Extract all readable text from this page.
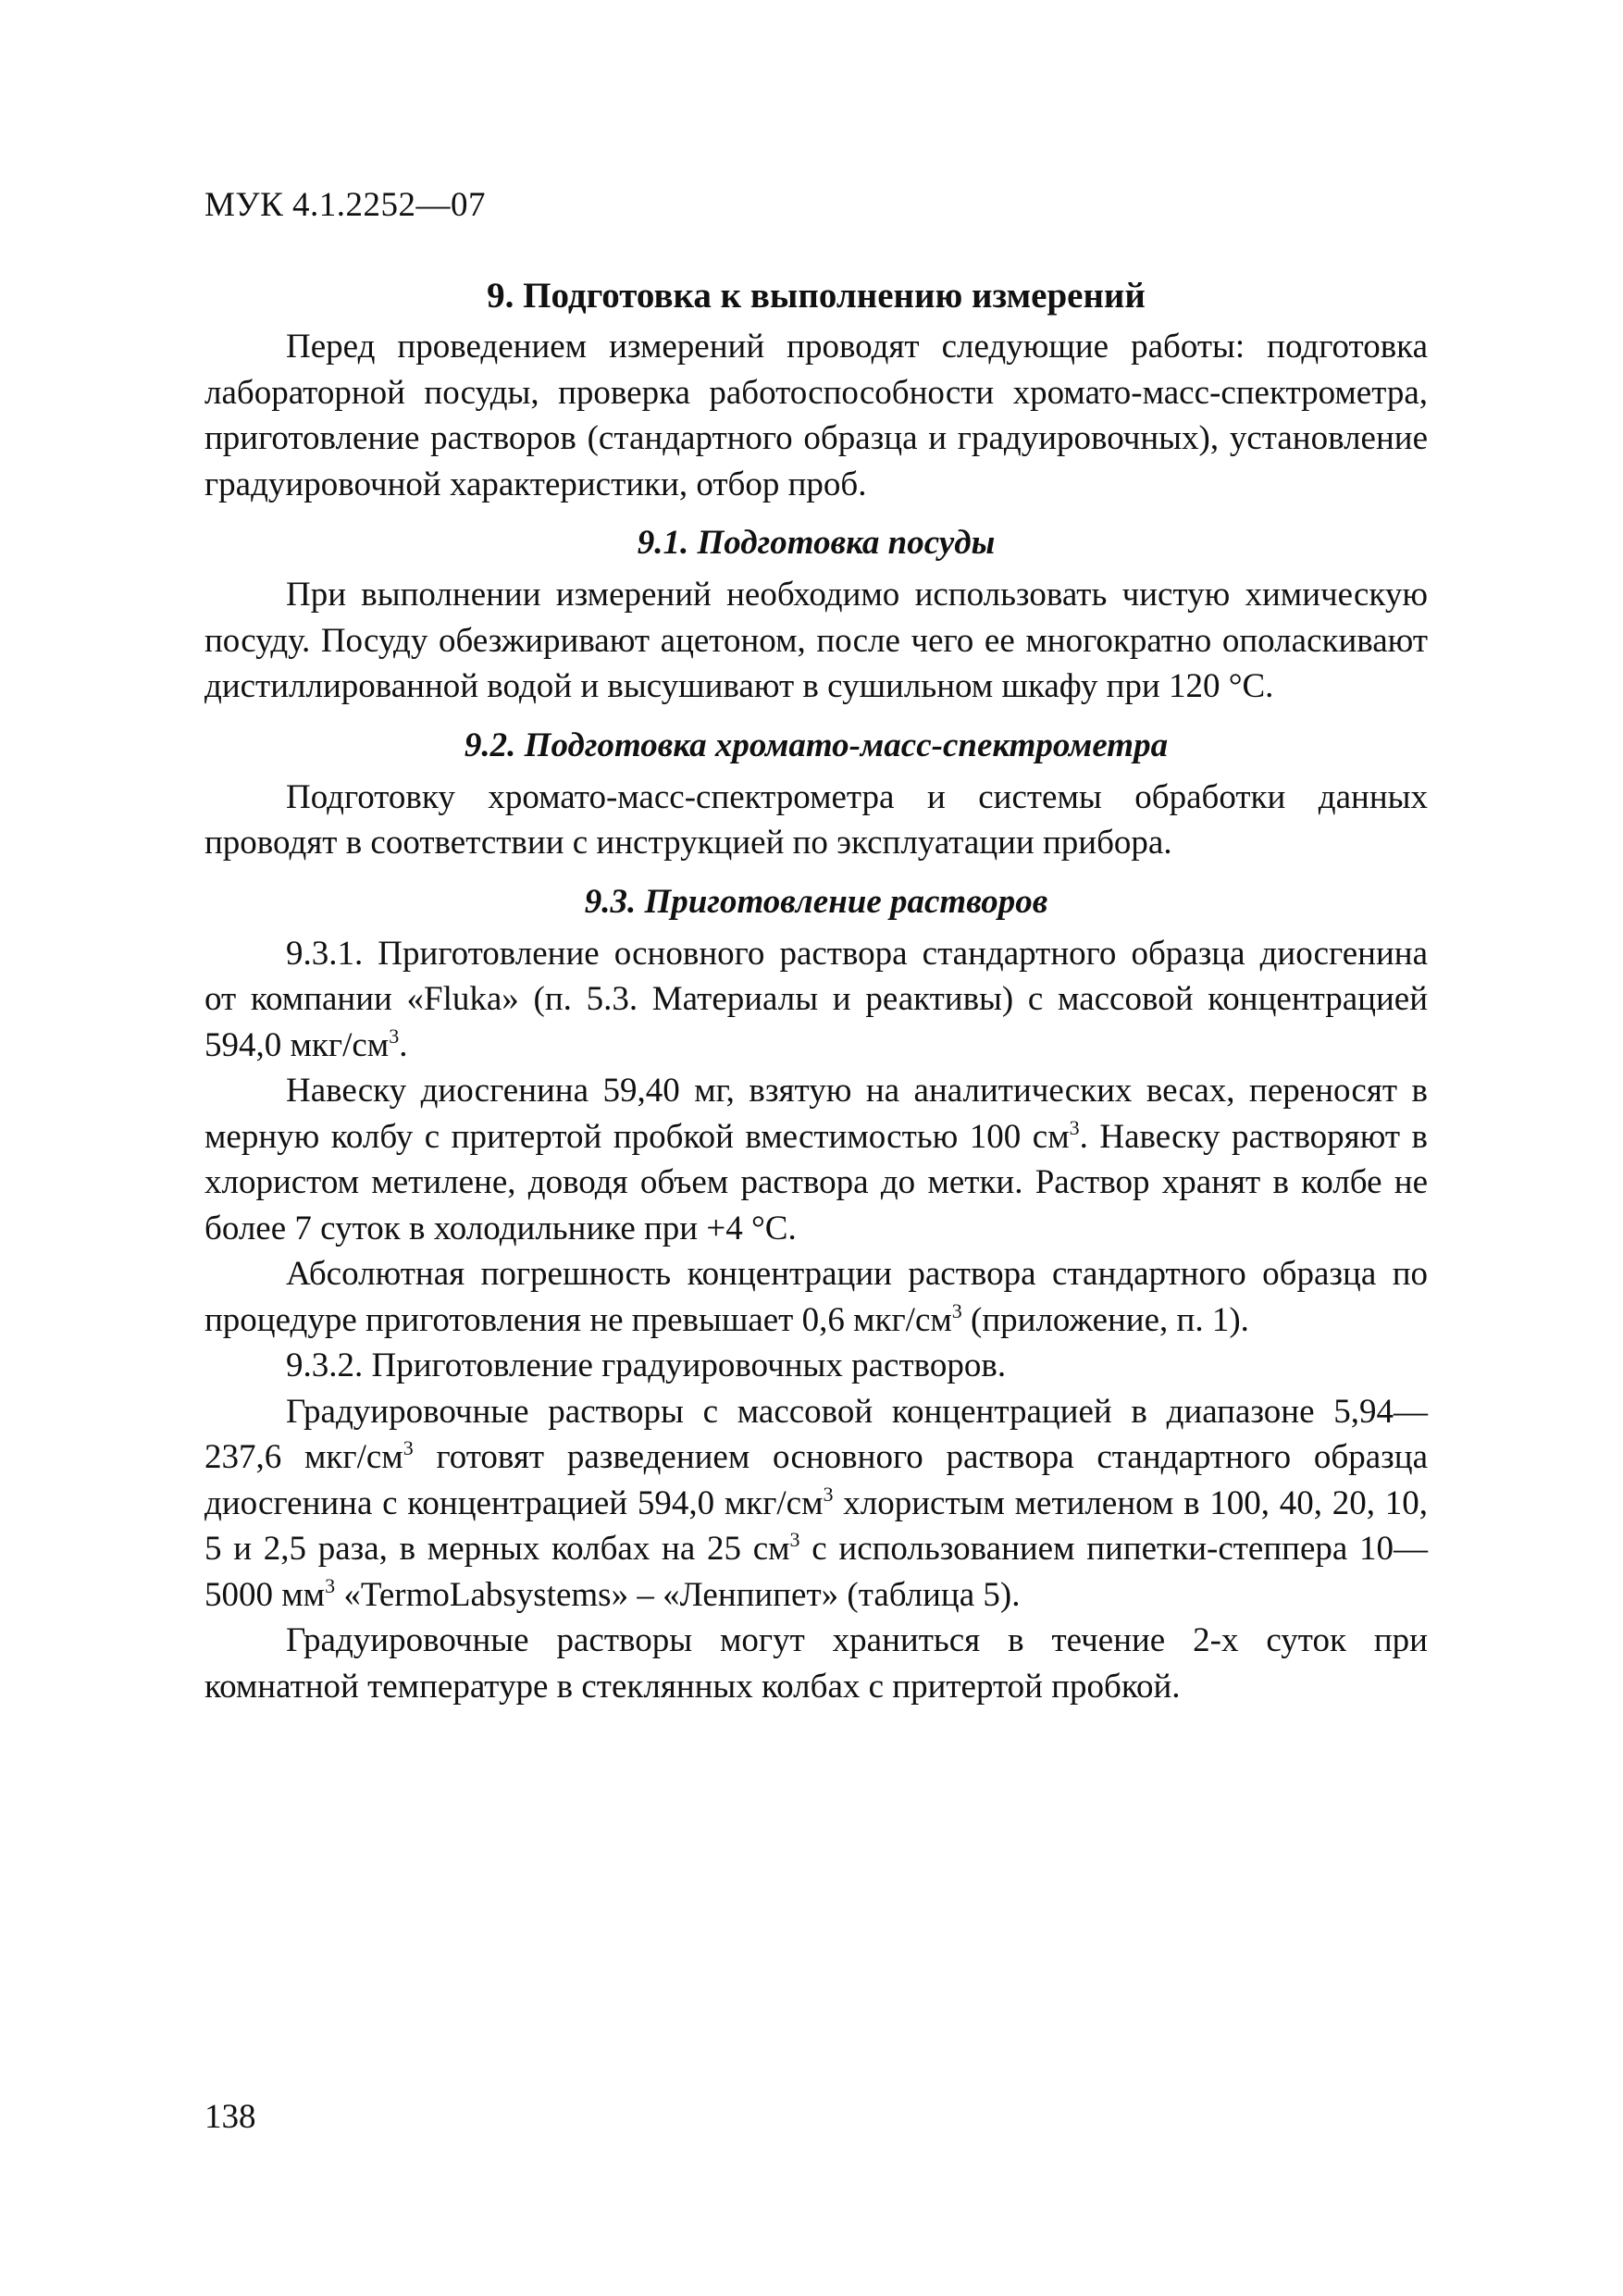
МУК 4.1.2252—07
9. Подготовка к выполнению измерений

Перед проведением измерений проводят следующие работы: подготовка лабораторной посуды, проверка работоспособности хромато-масс-спектрометра, приготовление растворов (стандартного образца и градуировочных), установление градуировочной характеристики, отбор проб.

9.1. Подготовка посуды

При выполнении измерений необходимо использовать чистую химическую посуду. Посуду обезжиривают ацетоном, после чего ее многократно ополаскивают дистиллированной водой и высушивают в сушильном шкафу при 120 °С.

9.2. Подготовка хромато-масс-спектрометра

Подготовку хромато-масс-спектрометра и системы обработки данных проводят в соответствии с инструкцией по эксплуатации прибора.

9.3. Приготовление растворов

9.3.1. Приготовление основного раствора стандартного образца диосгенина от компании «Fluka» (п. 5.3. Материалы и реактивы) с массовой концентрацией 594,0 мкг/$см^3$.

Навеску диосгенина 59,40 мг, взятую на аналитических весах, переносят в мерную колбу с притертой пробкой вместимостью 100 $см^3$. Навеску растворяют в хлористом метилене, доводя объем раствора до метки. Раствор хранят в колбе не более 7 суток в холодильнике при +4 °С.

Абсолютная погрешность концентрации раствора стандартного образца по процедуре приготовления не превышает 0,6 мкг/$см^3$ (приложение, п. 1).

9.3.2. Приготовление градуировочных растворов.

Градуировочные растворы с массовой концентрацией в диапазоне 5,94—237,6 мкг/$см^3$ готовят разведением основного раствора стандартного образца диосгенина с концентрацией 594,0 мкг/$см^3$ хлористым метиленом в 100, 40, 20, 10, 5 и 2,5 раза, в мерных колбах на 25 $см^3$ с использованием пипетки-степпера 10—5000 $мм^3$ «TermoLabsystems» – «Ленпипет» (таблица 5).

Градуировочные растворы могут храниться в течение 2-х суток при комнатной температуре в стеклянных колбах с притертой пробкой.

138
